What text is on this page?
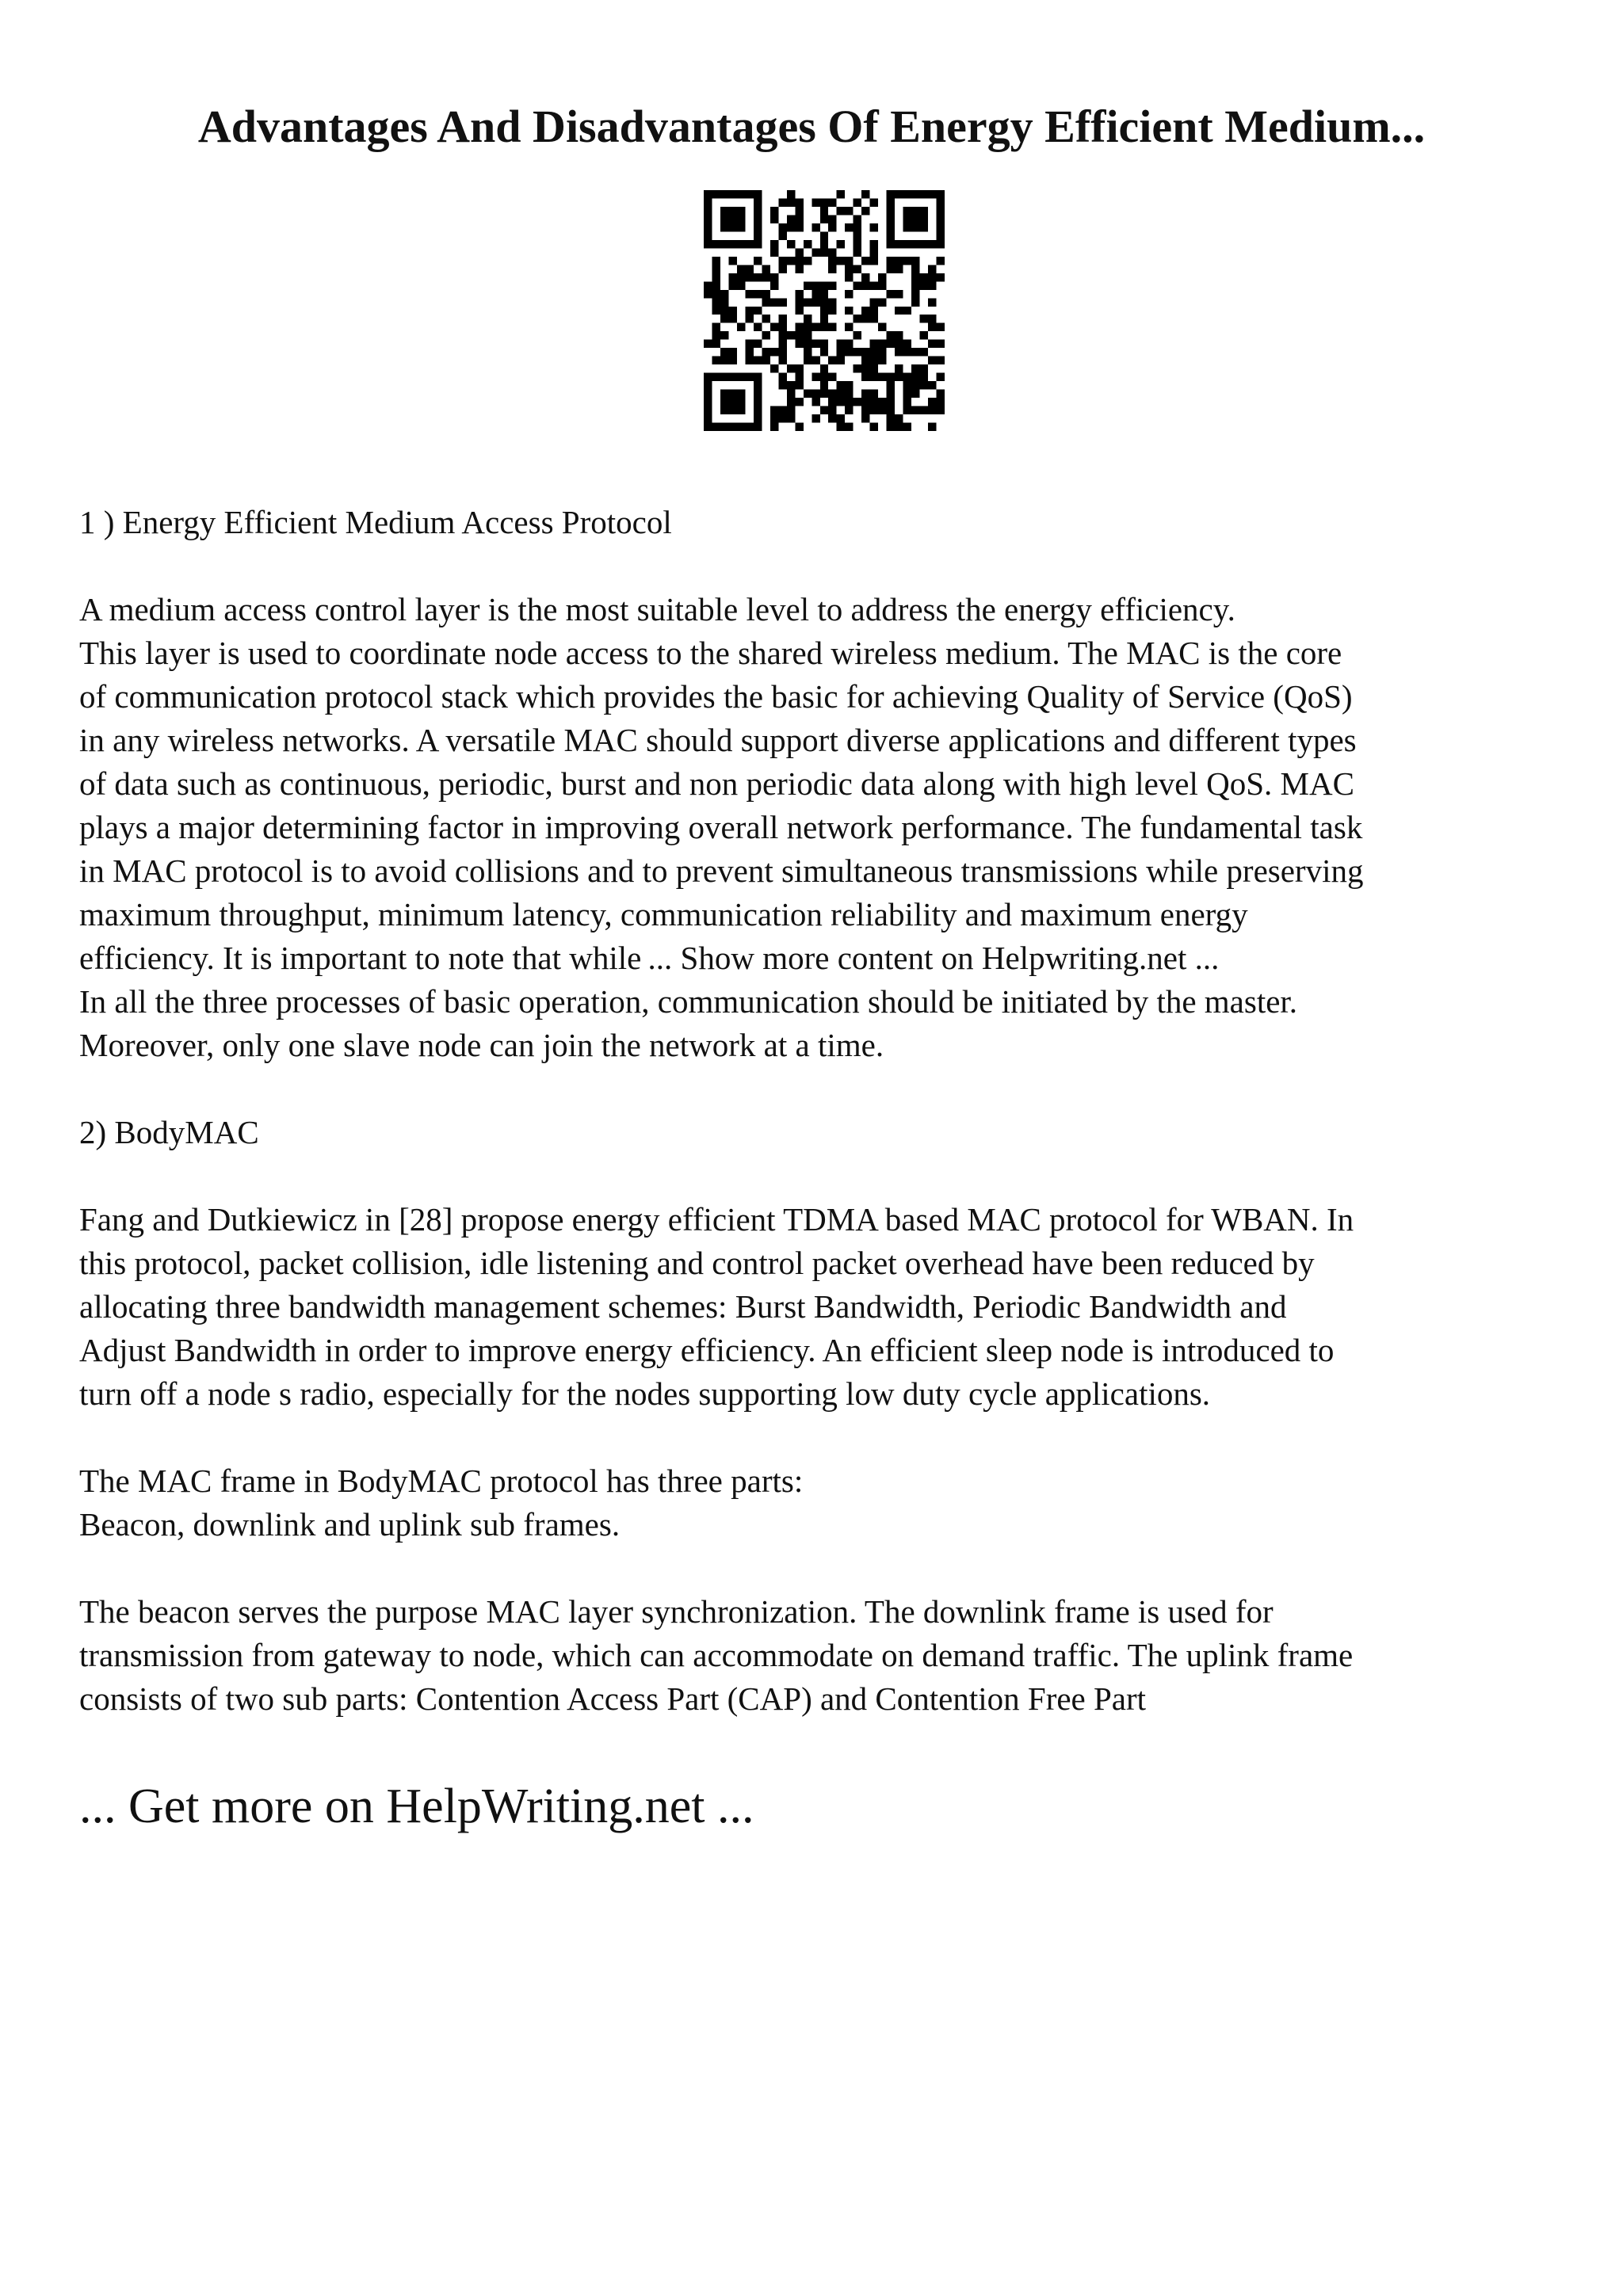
Advantages And Disadvantages Of Energy Efficient Medium...

1 ) Energy Efficient Medium Access Protocol

A medium access control layer is the most suitable level to address the energy efficiency.
This layer is used to coordinate node access to the shared wireless medium. The MAC is the core
of communication protocol stack which provides the basic for achieving Quality of Service (QoS)
in any wireless networks. A versatile MAC should support diverse applications and different types
of data such as continuous, periodic, burst and non periodic data along with high level QoS. MAC
plays a major determining factor in improving overall network performance. The fundamental task
in MAC protocol is to avoid collisions and to prevent simultaneous transmissions while preserving
maximum throughput, minimum latency, communication reliability and maximum energy
efficiency. It is important to note that while ... Show more content on Helpwriting.net ...
In all the three processes of basic operation, communication should be initiated by the master.
Moreover, only one slave node can join the network at a time.

2) BodyMAC

Fang and Dutkiewicz in [28] propose energy efficient TDMA based MAC protocol for WBAN. In
this protocol, packet collision, idle listening and control packet overhead have been reduced by
allocating three bandwidth management schemes: Burst Bandwidth, Periodic Bandwidth and
Adjust Bandwidth in order to improve energy efficiency. An efficient sleep node is introduced to
turn off a node s radio, especially for the nodes supporting low duty cycle applications.

The MAC frame in BodyMAC protocol has three parts:
Beacon, downlink and uplink sub frames.

The beacon serves the purpose MAC layer synchronization. The downlink frame is used for
transmission from gateway to node, which can accommodate on demand traffic. The uplink frame
consists of two sub parts: Contention Access Part (CAP) and Contention Free Part

... Get more on HelpWriting.net ...
